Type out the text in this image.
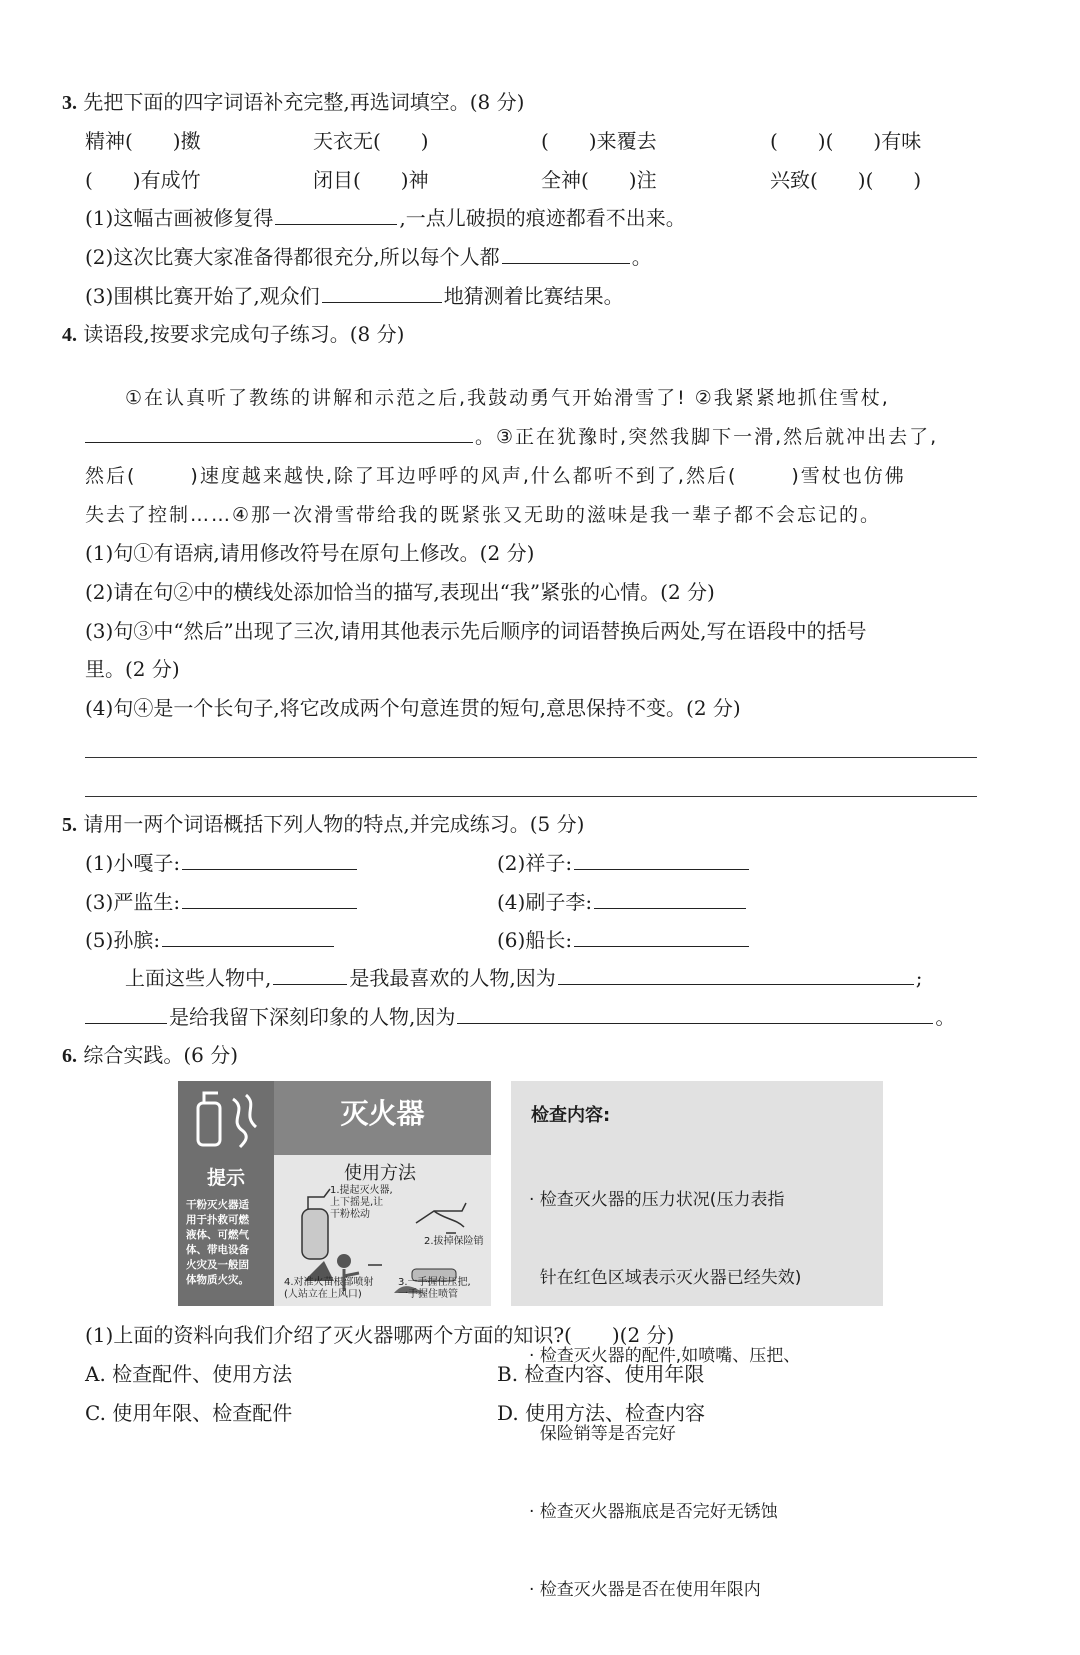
3. 先把下面的四字词语补充完整,再选词填空。(8 分)
精神(　　)擞	天衣无(　　)	(　　)来覆去	(　　)(　　)有味
(　　)有成竹	闭目(　　)神	全神(　　)注	兴致(　　)(　　)
(1)这幅古画被修复得	,一点儿破损的痕迹都看不出来。
(2)这次比赛大家准备得都很充分,所以每个人都	。
(3)围棋比赛开始了,观众们	地猜测着比赛结果。
4. 读语段,按要求完成句子练习。(8 分)
①在认真听了教练的讲解和示范之后,我鼓动勇气开始滑雪了! ②我紧紧地抓住雪杖,
。③正在犹豫时,突然我脚下一滑,然后就冲出去了,
然后(	)速度越来越快,除了耳边呼呼的风声,什么都听不到了,然后(	)雪杖也仿佛
失去了控制……④那一次滑雪带给我的既紧张又无助的滋味是我一辈子都不会忘记的。
(1)句①有语病,请用修改符号在原句上修改。(2 分)
(2)请在句②中的横线处添加恰当的描写,表现出“我”紧张的心情。(2 分)
(3)句③中“然后”出现了三次,请用其他表示先后顺序的词语替换后两处,写在语段中的括号
里。(2 分)
(4)句④是一个长句子,将它改成两个句意连贯的短句,意思保持不变。(2 分)
5. 请用一两个词语概括下列人物的特点,并完成练习。(5 分)
(1)小嘎子:	(2)祥子:
(3)严监生:	(4)刷子李:
(5)孙膑:	(6)船长:
上面这些人物中,	是我最喜欢的人物,因为	;
是给我留下深刻印象的人物,因为	。
6. 综合实践。(6 分)
灭火器
提示
干粉灭火器适
用于扑救可燃
液体、可燃气
体、带电设备
火灾及一般固
体物质火灾。
使用方法
1.提起灭火器,
上下摇晃,让
干粉松动
2.拔掉保险销
4.对准火苗根部喷射
(人站立在上风口)
3.一手握住压把,
一手握住喷管
检查内容:

· 检查灭火器的压力状况(压力表指

针在红色区域表示灭火器已经失效)

· 检查灭火器的配件,如喷嘴、压把、

保险销等是否完好

· 检查灭火器瓶底是否完好无锈蚀

· 检查灭火器是否在使用年限内

(1)上面的资料向我们介绍了灭火器哪两个方面的知识?(　　)(2 分)
A. 检查配件、使用方法	B. 检查内容、使用年限
C. 使用年限、检查配件	D. 使用方法、检查内容
